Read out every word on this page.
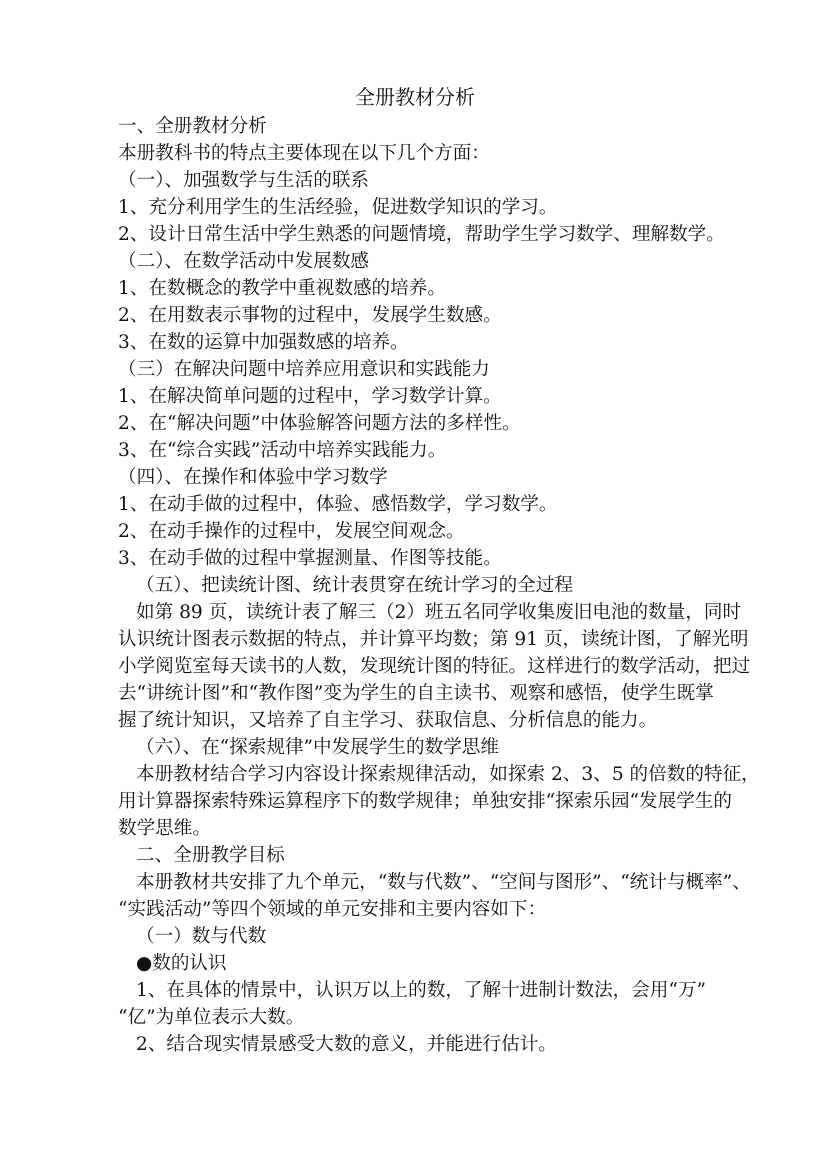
全册教材分析
一、全册教材分析
本册教科书的特点主要体现在以下几个方面：
（一）、加强数学与生活的联系
1、充分利用学生的生活经验，促进数学知识的学习。
2、设计日常生活中学生熟悉的问题情境，帮助学生学习数学、理解数学。
（二）、在数学活动中发展数感
1、在数概念的教学中重视数感的培养。
2、在用数表示事物的过程中，发展学生数感。
3、在数的运算中加强数感的培养。
（三）在解决问题中培养应用意识和实践能力
1、在解决简单问题的过程中，学习数学计算。
2、在“解决问题”中体验解答问题方法的多样性。
3、在“综合实践”活动中培养实践能力。
（四）、在操作和体验中学习数学
1、在动手做的过程中，体验、感悟数学，学习数学。
2、在动手操作的过程中，发展空间观念。
3、在动手做的过程中掌握测量、作图等技能。
（五）、把读统计图、统计表贯穿在统计学习的全过程
如第 89 页，读统计表了解三（2）班五名同学收集废旧电池的数量，同时
认识统计图表示数据的特点，并计算平均数；第 91 页，读统计图，了解光明
小学阅览室每天读书的人数，发现统计图的特征。这样进行的数学活动，把过
去“讲统计图”和“教作图”变为学生的自主读书、观察和感悟，使学生既掌
握了统计知识，又培养了自主学习、获取信息、分析信息的能力。
（六）、在“探索规律”中发展学生的数学思维
本册教材结合学习内容设计探索规律活动，如探索 2、3、5 的倍数的特征，
用计算器探索特殊运算程序下的数学规律；单独安排“探索乐园“发展学生的
数学思维。
二、全册教学目标
本册教材共安排了九个单元，“数与代数”、“空间与图形”、“统计与概率”、
“实践活动”等四个领域的单元安排和主要内容如下：
（一）数与代数
●数的认识
1、在具体的情景中，认识万以上的数，了解十进制计数法，会用“万”
“亿”为单位表示大数。
2、结合现实情景感受大数的意义，并能进行估计。
